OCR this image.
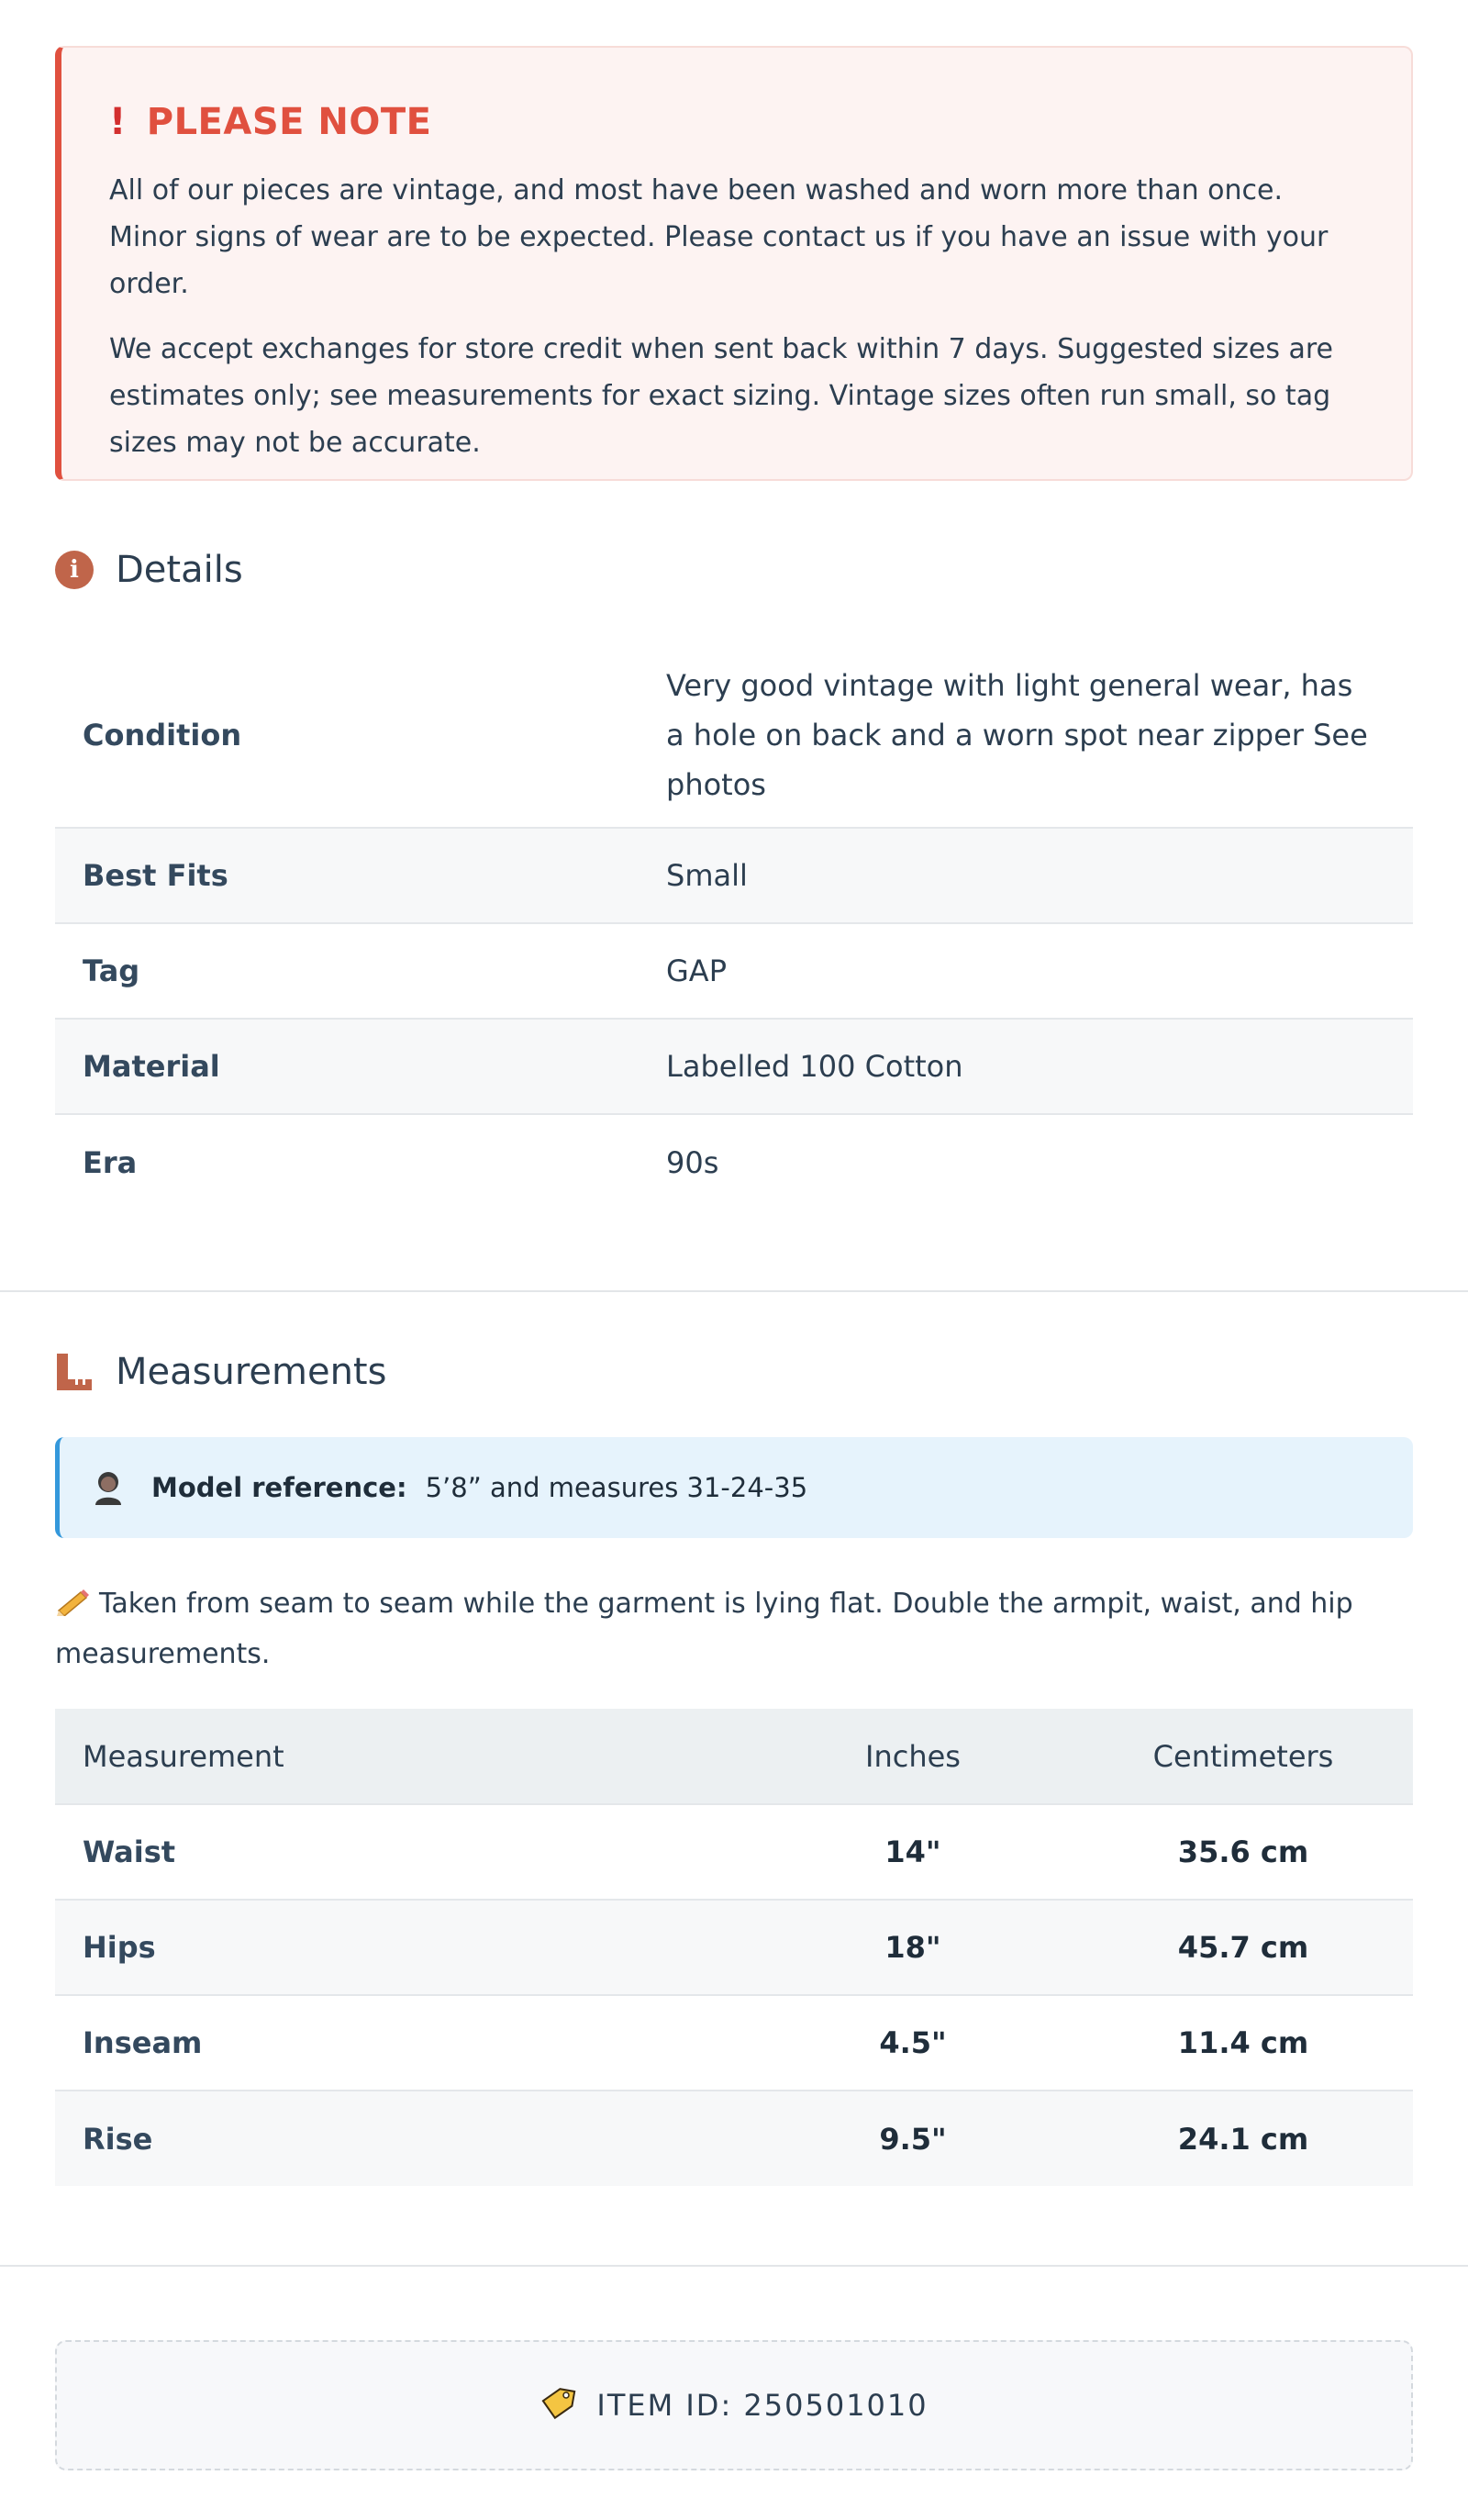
! PLEASE NOTE

All of our pieces are vintage, and most have been washed and worn more than once. Minor signs of wear are to be expected. Please contact us if you have an issue with your order.

We accept exchanges for store credit when sent back within 7 days. Suggested sizes are estimates only; see measurements for exact sizing. Vintage sizes often run small, so tag sizes may not be accurate.

i	Details
Condition	Very good vintage with light general wear, has a hole on back and a worn spot near zipper See photos
Best Fits	Small
Tag	GAP
Material	Labelled 100 Cotton
Era	90s
Measurements
Model reference: 5’8” and measures 31-24-35
Taken from seam to seam while the garment is lying flat. Double the armpit, waist, and hip measurements.
Measurement	Inches	Centimeters
Waist	14"	35.6 cm
Hips	18"	45.7 cm
Inseam	4.5"	11.4 cm
Rise	9.5"	24.1 cm
ITEM ID: 250501010
